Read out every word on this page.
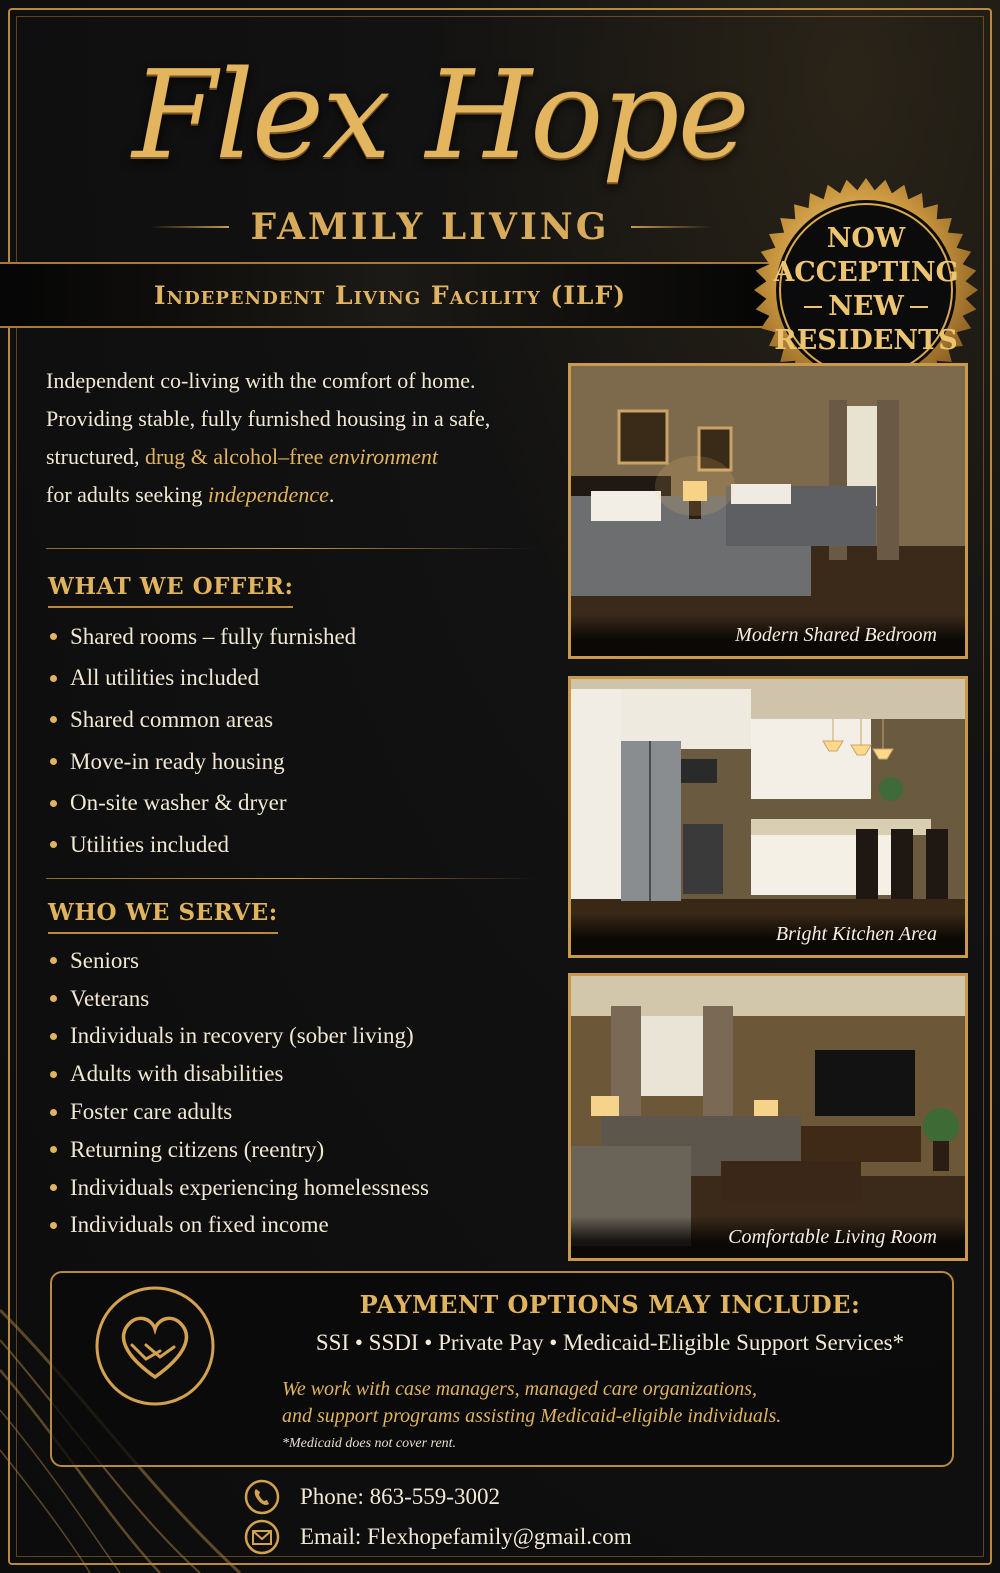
Flex Hope
FAMILY LIVING
Independent Living Facility (ILF)
NOW
ACCEPTING
NEW
RESIDENTS
Independent co-living with the comfort of home.
Providing stable, fully furnished housing in a safe,
structured, drug & alcohol–free environment
for adults seeking independence.
WHAT WE OFFER:
Shared rooms – fully furnished
All utilities included
Shared common areas
Move-in ready housing
On-site washer & dryer
Utilities included
WHO WE SERVE:
Seniors
Veterans
Individuals in recovery (sober living)
Adults with disabilities
Foster care adults
Returning citizens (reentry)
Individuals experiencing homelessness
Individuals on fixed income
Modern Shared Bedroom
Bright Kitchen Area
Comfortable Living Room
PAYMENT OPTIONS MAY INCLUDE:
SSI • SSDI • Private Pay • Medicaid-Eligible Support Services*
We work with case managers, managed care organizations,
and support programs assisting Medicaid-eligible individuals.
*Medicaid does not cover rent.
Phone: 863-559-3002
Email: Flexhopefamily@gmail.com
